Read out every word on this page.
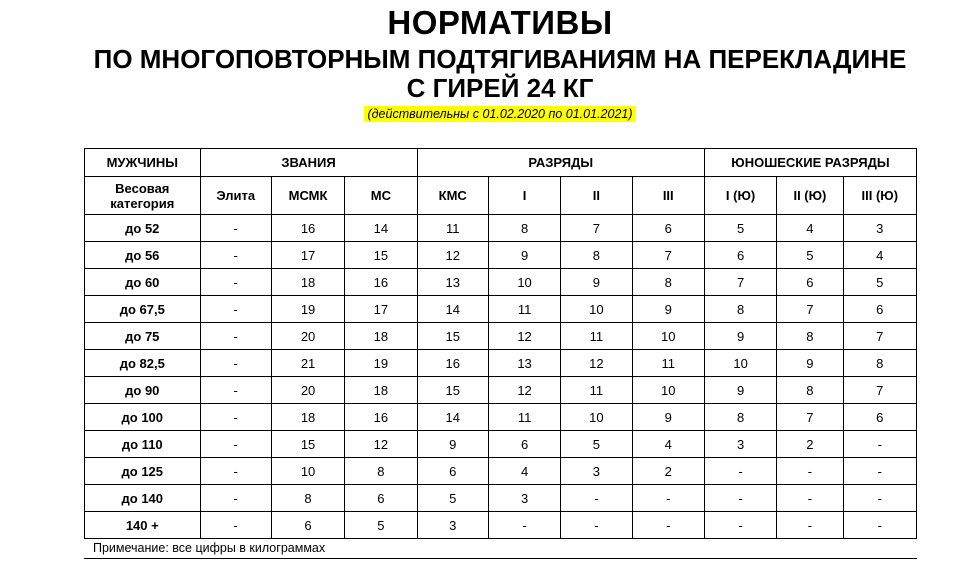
НОРМАТИВЫ
ПО МНОГОПОВТОРНЫМ ПОДТЯГИВАНИЯМ НА ПЕРЕКЛАДИНЕ
С ГИРЕЙ 24 КГ
(действительны с 01.02.2020 по 01.01.2021)
МУЖЧИНЫ	ЗВАНИЯ			РАЗРЯДЫ				ЮНОШЕСКИЕ РАЗРЯДЫ		
Весовая категория	Элита	МСМК	МС	КМС	I	II	III	I (Ю)	II (Ю)	III (Ю)
до 52	-	16	14	11	8	7	6	5	4	3
до 56	-	17	15	12	9	8	7	6	5	4
до 60	-	18	16	13	10	9	8	7	6	5
до 67,5	-	19	17	14	11	10	9	8	7	6
до 75	-	20	18	15	12	11	10	9	8	7
до 82,5	-	21	19	16	13	12	11	10	9	8
до 90	-	20	18	15	12	11	10	9	8	7
до 100	-	18	16	14	11	10	9	8	7	6
до 110	-	15	12	9	6	5	4	3	2	-
до 125	-	10	8	6	4	3	2	-	-	-
до 140	-	8	6	5	3	-	-	-	-	-
140 +	-	6	5	3	-	-	-	-	-	-
Примечание: все цифры в килограммах
